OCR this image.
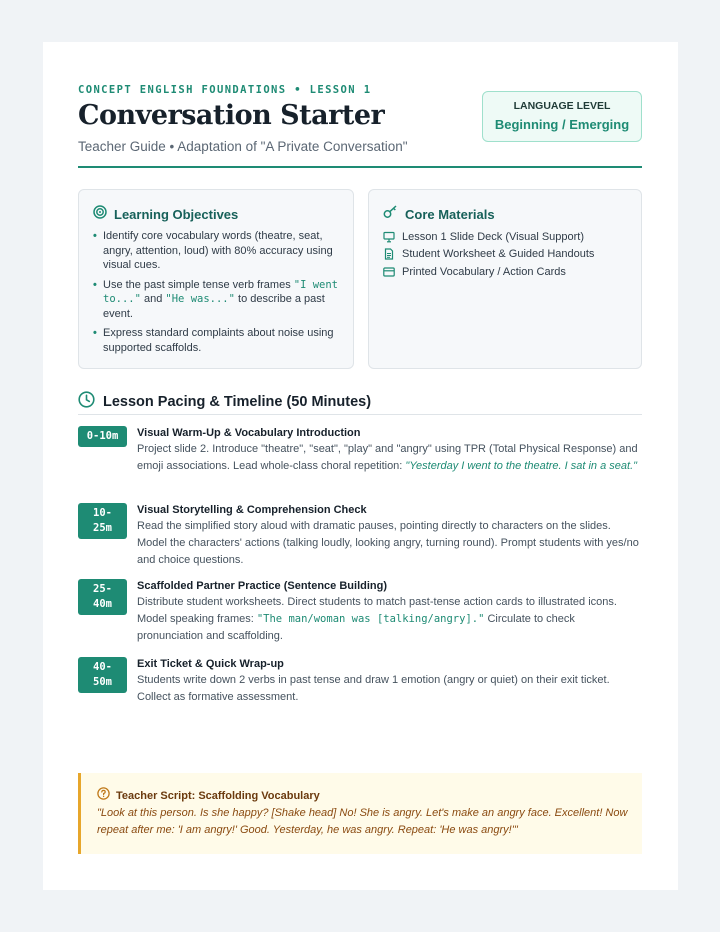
CONCEPT ENGLISH FOUNDATIONS • LESSON 1
Conversation Starter
Teacher Guide • Adaptation of "A Private Conversation"
LANGUAGE LEVEL
Beginning / Emerging
Learning Objectives
• Identify core vocabulary words (theatre, seat, angry, attention, loud) with 80% accuracy using visual cues.
• Use the past simple tense verb frames "I went to..." and "He was..." to describe a past event.
• Express standard complaints about noise using supported scaffolds.
Core Materials
Lesson 1 Slide Deck (Visual Support)
Student Worksheet & Guided Handouts
Printed Vocabulary / Action Cards
Lesson Pacing & Timeline (50 Minutes)
0-10m	Visual Warm-Up & Vocabulary Introduction
Project slide 2. Introduce "theatre", "seat", "play" and "angry" using TPR (Total Physical Response) and emoji associations. Lead whole-class choral repetition: "Yesterday I went to the theatre. I sat in a seat."
10-
25m
Visual Storytelling & Comprehension Check
Read the simplified story aloud with dramatic pauses, pointing directly to characters on the slides. Model the characters' actions (talking loudly, looking angry, turning round). Prompt students with yes/no and choice questions.
25-
40m
Scaffolded Partner Practice (Sentence Building)
Distribute student worksheets. Direct students to match past-tense action cards to illustrated icons. Model speaking frames: "The man/woman was [talking/angry]." Circulate to check pronunciation and scaffolding.
40-
50m
Exit Ticket & Quick Wrap-up
Students write down 2 verbs in past tense and draw 1 emotion (angry or quiet) on their exit ticket. Collect as formative assessment.
Teacher Script: Scaffolding Vocabulary
"Look at this person. Is she happy? [Shake head] No! She is angry. Let's make an angry face. Excellent! Now repeat after me: 'I am angry!' Good. Yesterday, he was angry. Repeat: 'He was angry!'"
